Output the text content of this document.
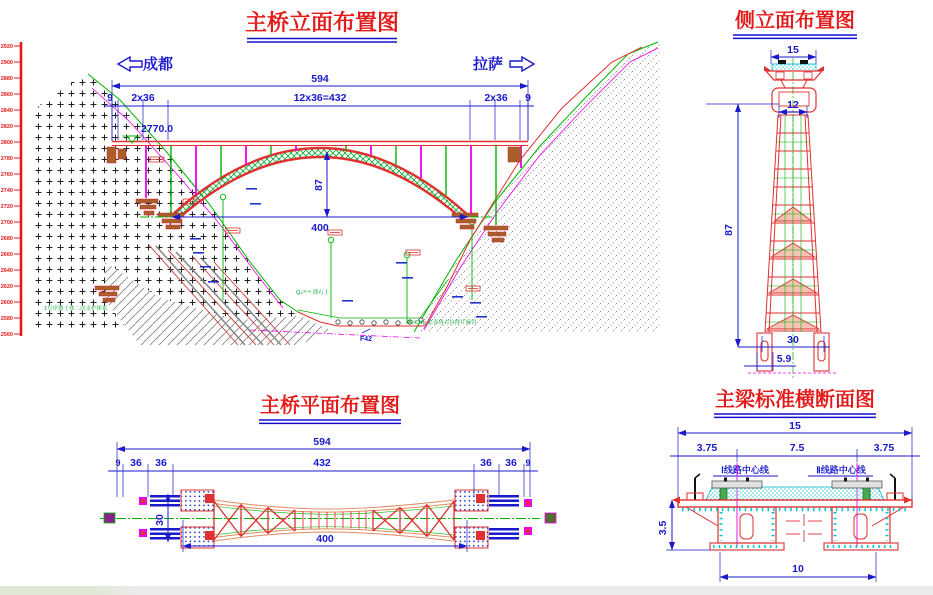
主桥立面布置图
2920
2900
2880
2860
2840
2820
2800
2780
2760
2740
2720
2700
2680
2660
2640
2620
2600
2580
2560
成都	拉萨
594
9 2x36	12x36=432	2x36 9
2770.0
400
87
F42
Q₄ᵈˡ⁺ᵉˡ 漂石土
1号岸坡土体二次支护体系
AnЄNg 念青唐古拉群片麻岩
侧立面布置图
15
12
87
30
5.9
主桥平面布置图
594
9 36 36	432	36 36 9
400
30
主梁标准横断面图
15
3.75	7.5	3.75
Ⅰ线路中心线	Ⅱ线路中心线
3.5
10
